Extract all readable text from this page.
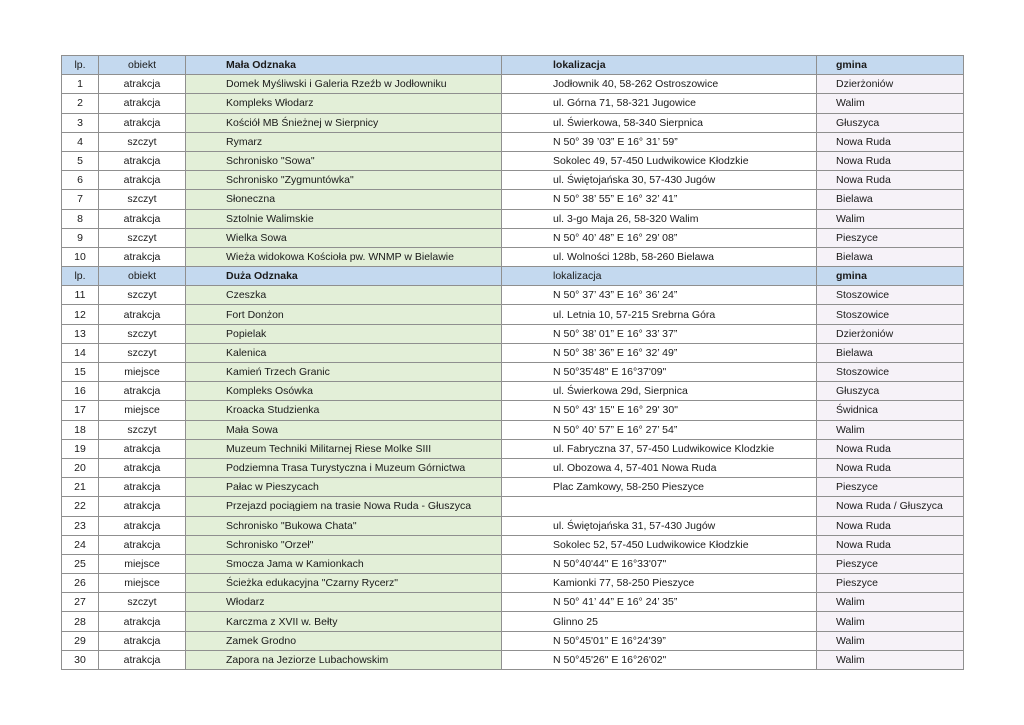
lp.	obiekt	Mała Odznaka	lokalizacja	gmina
1	atrakcja	Domek Myśliwski i Galeria Rzeźb w Jodłowniku	Jodłownik 40, 58-262 Ostroszowice	Dzierżoniów
2	atrakcja	Kompleks Włodarz	ul. Górna 71, 58-321 Jugowice	Walim
3	atrakcja	Kościół MB Śnieżnej w Sierpnicy	ul. Świerkowa, 58-340 Sierpnica	Głuszyca
4	szczyt	Rymarz	N 50° 39 ’03” E 16° 31’ 59”	Nowa Ruda
5	atrakcja	Schronisko "Sowa"	Sokolec 49, 57-450 Ludwikowice Kłodzkie	Nowa Ruda
6	atrakcja	Schronisko "Zygmuntówka"	ul. Świętojańska 30, 57-430 Jugów	Nowa Ruda
7	szczyt	Słoneczna	N 50° 38’ 55” E 16° 32’ 41”	Bielawa
8	atrakcja	Sztolnie Walimskie	ul. 3-go Maja 26, 58-320 Walim	Walim
9	szczyt	Wielka Sowa	N 50° 40’ 48” E 16° 29’ 08”	Pieszyce
10	atrakcja	Wieża widokowa Kościoła pw. WNMP w Bielawie	ul. Wolności 128b, 58-260 Bielawa	Bielawa
lp.	obiekt	Duża Odznaka	lokalizacja	gmina
11	szczyt	Czeszka	N 50° 37’ 43” E 16° 36’ 24”	Stoszowice
12	atrakcja	Fort Donżon	ul. Letnia 10, 57-215 Srebrna Góra	Stoszowice
13	szczyt	Popielak	N 50° 38’ 01” E 16° 33’ 37”	Dzierżoniów
14	szczyt	Kalenica	N 50° 38’ 36” E 16° 32’ 49”	Bielawa
15	miejsce	Kamień Trzech Granic	N 50°35'48" E 16°37'09"	Stoszowice
16	atrakcja	Kompleks Osówka	ul. Świerkowa 29d, Sierpnica	Głuszyca
17	miejsce	Kroacka Studzienka	N 50° 43' 15" E 16° 29' 30"	Świdnica
18	szczyt	Mała Sowa	N 50° 40’ 57” E 16° 27’ 54”	Walim
19	atrakcja	Muzeum Techniki Militarnej Riese Molke SIII	ul. Fabryczna 37, 57-450 Ludwikowice Klodzkie	Nowa Ruda
20	atrakcja	Podziemna Trasa Turystyczna i Muzeum Górnictwa	ul. Obozowa 4, 57-401 Nowa Ruda	Nowa Ruda
21	atrakcja	Pałac w Pieszycach	Plac Zamkowy, 58-250 Pieszyce	Pieszyce
22	atrakcja	Przejazd pociągiem na trasie Nowa Ruda - Głuszyca		Nowa Ruda / Głuszyca
23	atrakcja	Schronisko "Bukowa Chata"	ul. Świętojańska 31, 57-430 Jugów	Nowa Ruda
24	atrakcja	Schronisko "Orzeł"	Sokolec 52, 57-450 Ludwikowice Kłodzkie	Nowa Ruda
25	miejsce	Smocza Jama w Kamionkach	N 50°40'44" E 16°33'07"	Pieszyce
26	miejsce	Ścieżka edukacyjna "Czarny Rycerz"	Kamionki 77, 58-250 Pieszyce	Pieszyce
27	szczyt	Włodarz	N 50° 41’ 44” E 16° 24’ 35”	Walim
28	atrakcja	Karczma z XVII w. Bełty	Glinno 25	Walim
29	atrakcja	Zamek Grodno	N 50°45'01” E 16°24'39”	Walim
30	atrakcja	Zapora na Jeziorze Lubachowskim	N 50°45'26" E 16°26'02"	Walim
